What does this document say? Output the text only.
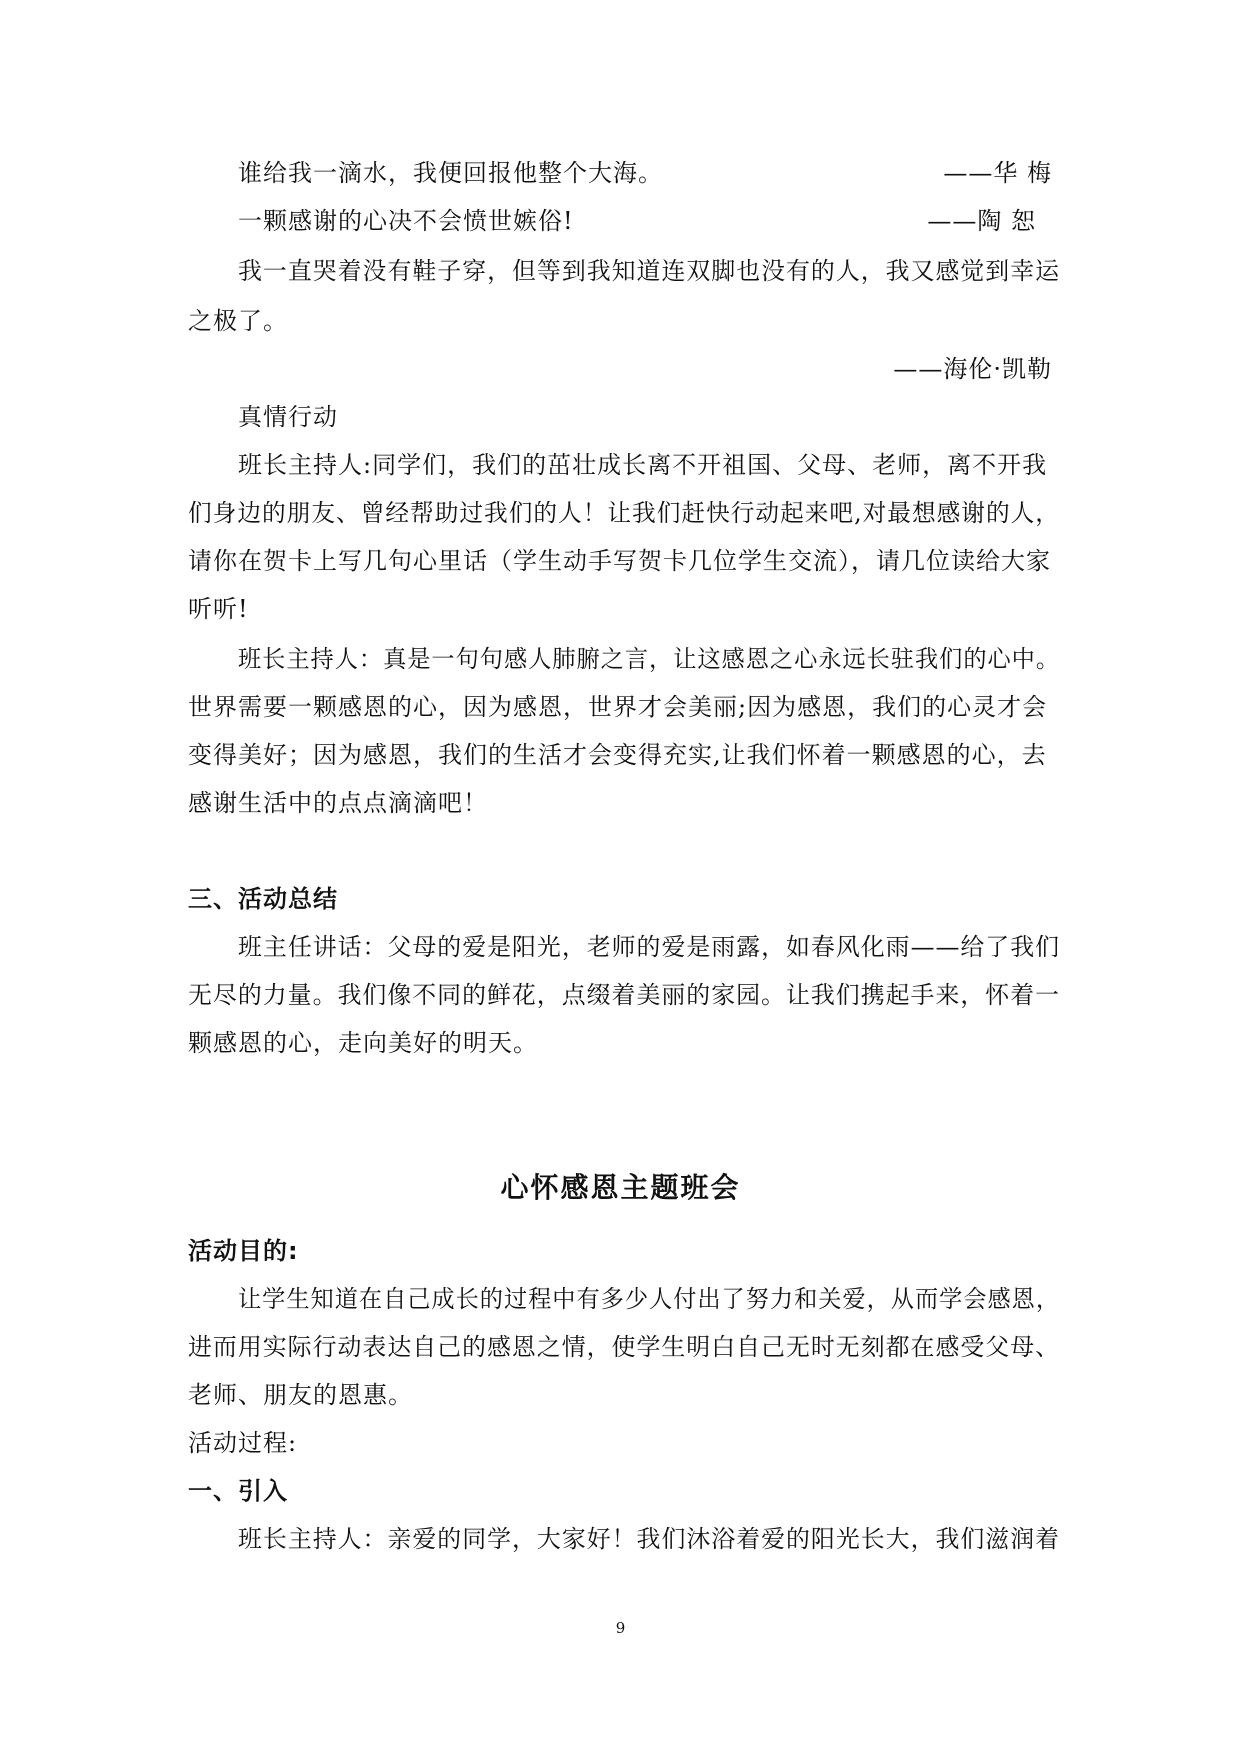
谁给我一滴水，我便回报他整个大海。	——华 梅
一颗感谢的心决不会愤世嫉俗!	——陶 恕
我一直哭着没有鞋子穿，但等到我知道连双脚也没有的人，我又感觉到幸运
之极了。
——海伦·凯勒
真情行动
班长主持人:同学们，我们的茁壮成长离不开祖国、父母、老师，离不开我
们身边的朋友、曾经帮助过我们的人！让我们赶快行动起来吧,对最想感谢的人，
请你在贺卡上写几句心里话（学生动手写贺卡几位学生交流），请几位读给大家
听听!
班长主持人：真是一句句感人肺腑之言，让这感恩之心永远长驻我们的心中。
世界需要一颗感恩的心，因为感恩，世界才会美丽;因为感恩，我们的心灵才会
变得美好；因为感恩，我们的生活才会变得充实,让我们怀着一颗感恩的心，去
感谢生活中的点点滴滴吧！
三、活动总结
班主任讲话：父母的爱是阳光，老师的爱是雨露，如春风化雨——给了我们
无尽的力量。我们像不同的鲜花，点缀着美丽的家园。让我们携起手来，怀着一
颗感恩的心，走向美好的明天。
心怀感恩主题班会
活动目的:
让学生知道在自己成长的过程中有多少人付出了努力和关爱，从而学会感恩，
进而用实际行动表达自己的感恩之情，使学生明白自己无时无刻都在感受父母、
老师、朋友的恩惠。
活动过程:
一、引入
班长主持人：亲爱的同学，大家好！我们沐浴着爱的阳光长大，我们滋润着
9
